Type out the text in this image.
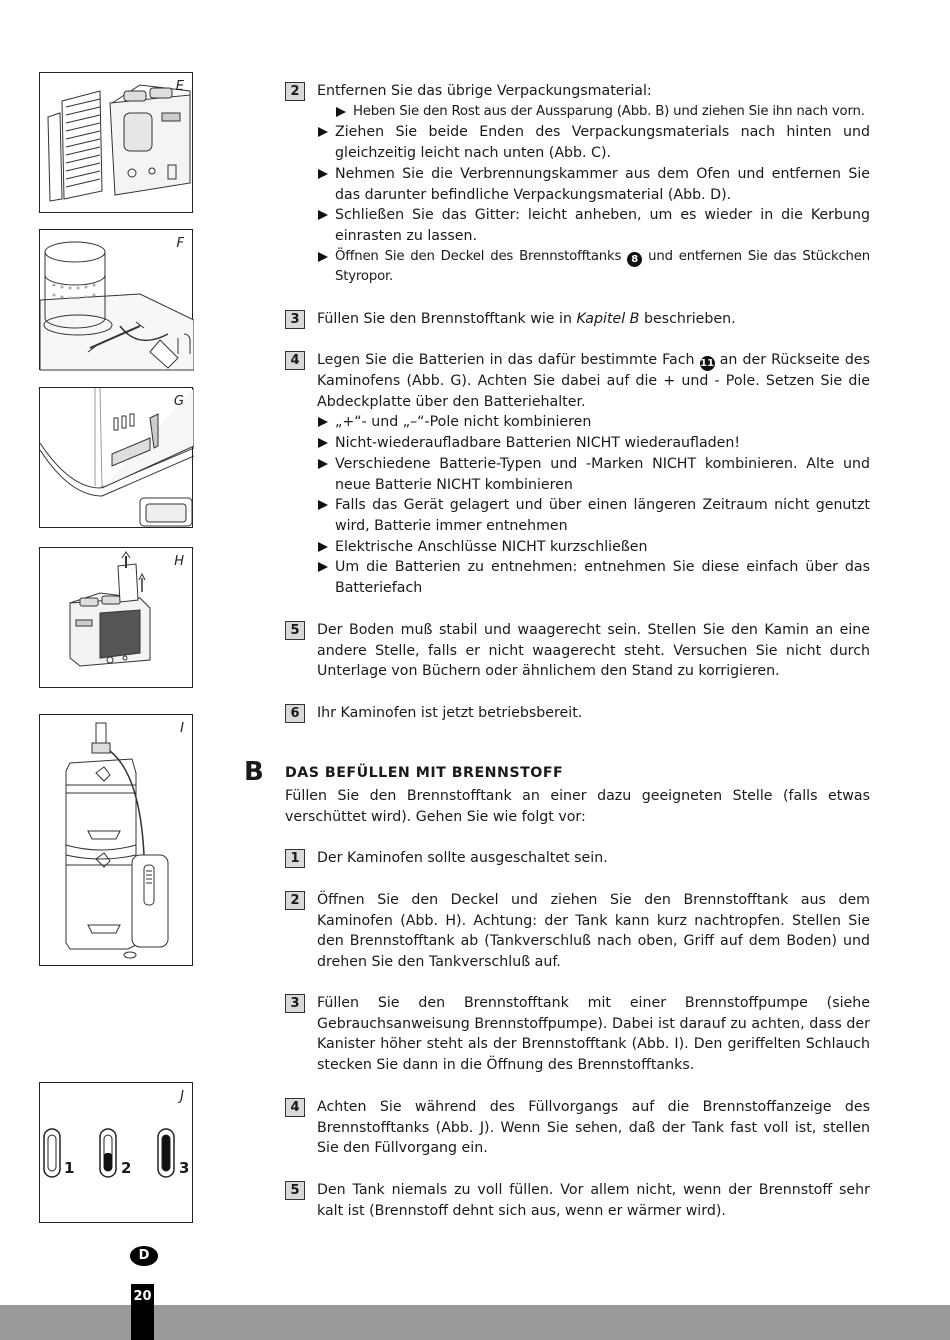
E
F
G
H
I
J
1	2	3
2	Entfernen Sie das übrige Verpackungsmaterial:

Heben Sie den Rost aus der Aussparung (Abb. B) und ziehen Sie ihn nach vorn.
Ziehen Sie beide Enden des Verpackungsmaterials nach hinten und gleichzeitig leicht nach unten (Abb. C).
Nehmen Sie die Verbrennungskammer aus dem Ofen und entfernen Sie das darunter befindliche Verpackungsmaterial (Abb. D).
Schließen Sie das Gitter: leicht anheben, um es wieder in die Kerbung einrasten zu lassen.
Öffnen Sie den Deckel des Brennstofftanks 8 und entfernen Sie das Stückchen Styropor.
3	Füllen Sie den Brennstofftank wie in Kapitel B beschrieben.

4	Legen Sie die Batterien in das dafür bestimmte Fach 11 an der Rückseite des Kaminofens (Abb. G). Achten Sie dabei auf die + und - Pole. Setzen Sie die Abdeckplatte über den Batteriehalter.

„+“- und „–“-Pole nicht kombinieren
Nicht-wiederaufladbare Batterien NICHT wiederaufladen!
Verschiedene Batterie-Typen und -Marken NICHT kombinieren. Alte und neue Batterie NICHT kombinieren
Falls das Gerät gelagert und über einen längeren Zeitraum nicht genutzt wird, Batterie immer entnehmen
Elektrische Anschlüsse NICHT kurzschließen
Um die Batterien zu entnehmen: entnehmen Sie diese einfach über das Batteriefach
5	Der Boden muß stabil und waagerecht sein. Stellen Sie den Kamin an eine andere Stelle, falls er nicht waagerecht steht. Versuchen Sie nicht durch Unterlage von Büchern oder ähnlichem den Stand zu korrigieren.

6	Ihr Kaminofen ist jetzt betriebsbereit.

B DAS BEFÜLLEN MIT BRENNSTOFF

Füllen Sie den Brennstofftank an einer dazu geeigneten Stelle (falls etwas verschüttet wird). Gehen Sie wie folgt vor:

1	Der Kaminofen sollte ausgeschaltet sein.

2	Öffnen Sie den Deckel und ziehen Sie den Brennstofftank aus dem Kaminofen (Abb. H). Achtung: der Tank kann kurz nachtropfen. Stellen Sie den Brennstofftank ab (Tankverschluß nach oben, Griff auf dem Boden) und drehen Sie den Tankverschluß auf.

3	Füllen Sie den Brennstofftank mit einer Brennstoffpumpe (siehe Gebrauchsanweisung Brennstoffpumpe). Dabei ist darauf zu achten, dass der Kanister höher steht als der Brennstofftank (Abb. I). Den geriffelten Schlauch stecken Sie dann in die Öffnung des Brennstofftanks.

4	Achten Sie während des Füllvorgangs auf die Brennstoffanzeige des Brennstofftanks (Abb. J). Wenn Sie sehen, daß der Tank fast voll ist, stellen Sie den Füllvorgang ein.

5	Den Tank niemals zu voll füllen. Vor allem nicht, wenn der Brennstoff sehr kalt ist (Brennstoff dehnt sich aus, wenn er wärmer wird).

D
20
